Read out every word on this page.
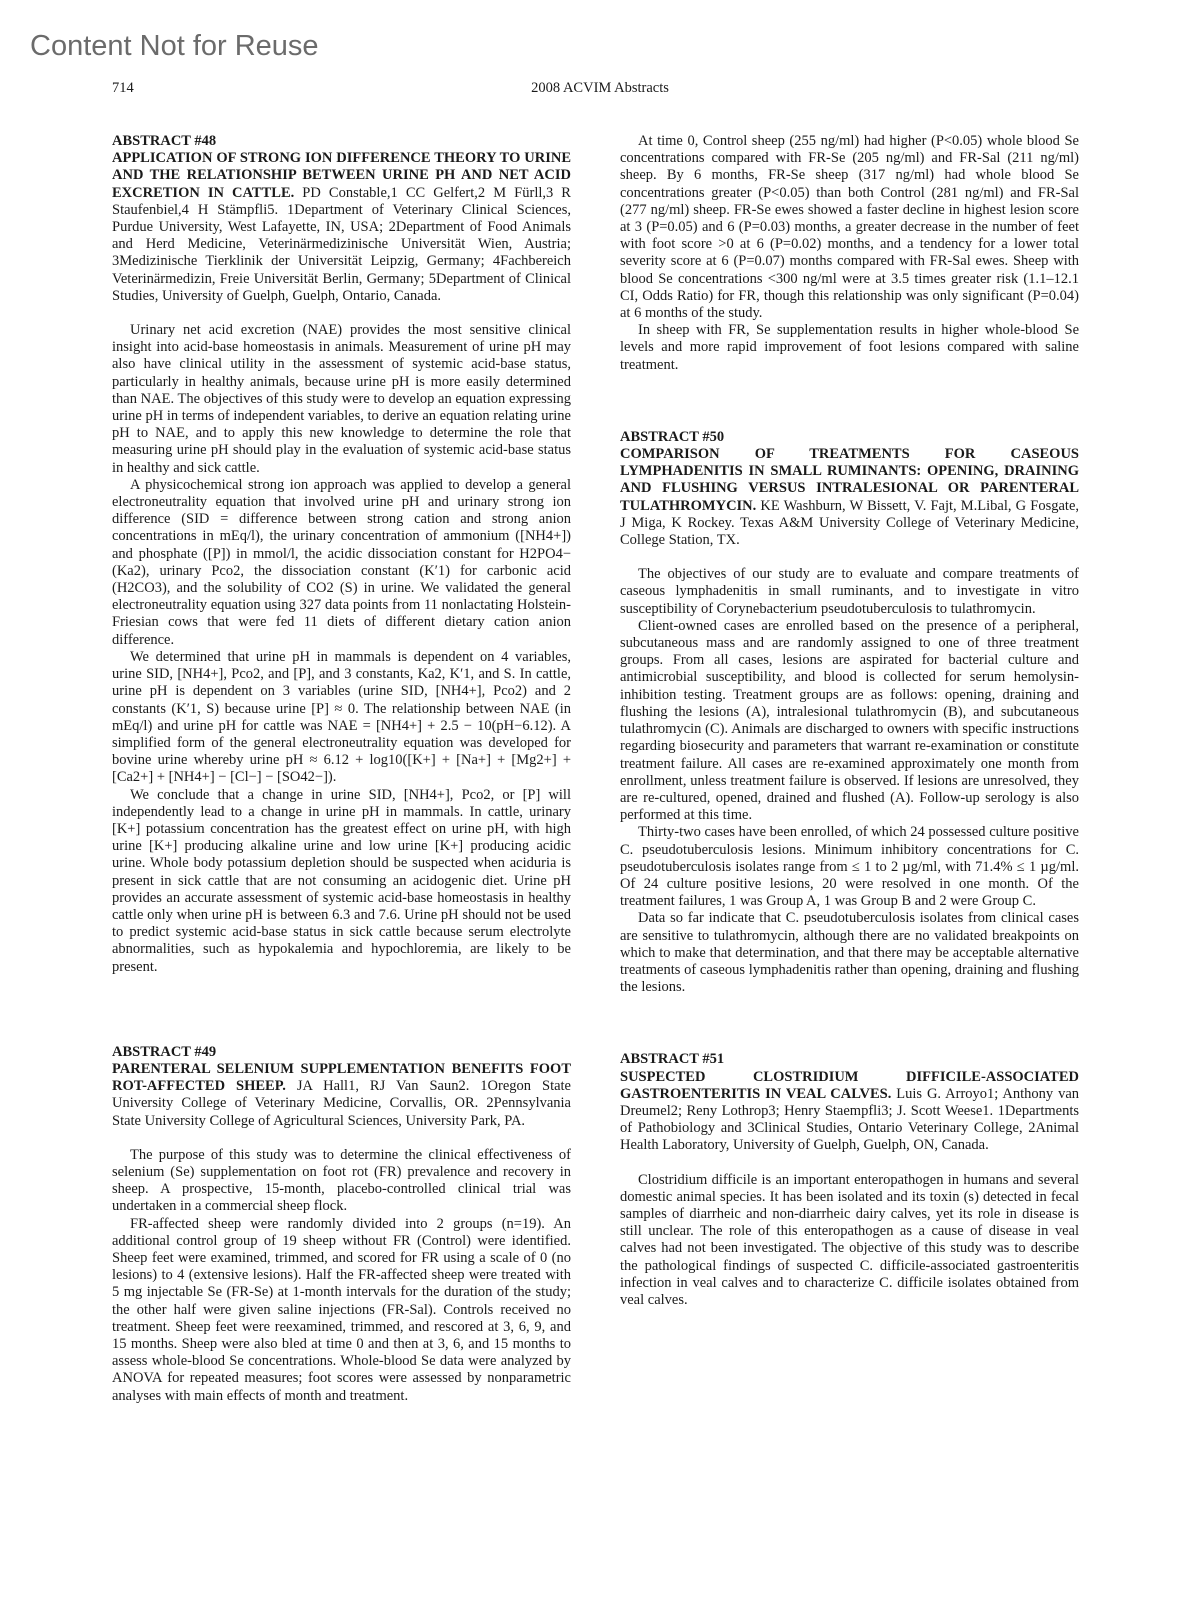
Content Not for Reuse
714	2008 ACVIM Abstracts
ABSTRACT #48
APPLICATION OF STRONG ION DIFFERENCE THEORY TO URINE AND THE RELATIONSHIP BETWEEN URINE PH AND NET ACID EXCRETION IN CATTLE. PD Constable,1 CC Gelfert,2 M Fürll,3 R Staufenbiel,4 H Stämpfli5. 1Department of Veterinary Clinical Sciences, Purdue University, West Lafayette, IN, USA; 2Department of Food Animals and Herd Medicine, Veterinärmedizinische Universität Wien, Austria; 3Medizinische Tierklinik der Universität Leipzig, Germany; 4Fachbereich Veterinärmedizin, Freie Universität Berlin, Germany; 5Department of Clinical Studies, University of Guelph, Guelph, Ontario, Canada.

Urinary net acid excretion (NAE) provides the most sensitive clinical insight into acid-base homeostasis in animals. Measurement of urine pH may also have clinical utility in the assessment of systemic acid-base status, particularly in healthy animals, because urine pH is more easily determined than NAE. The objectives of this study were to develop an equation expressing urine pH in terms of independent variables, to derive an equation relating urine pH to NAE, and to apply this new knowledge to determine the role that measuring urine pH should play in the evaluation of systemic acid-base status in healthy and sick cattle.

A physicochemical strong ion approach was applied to develop a general electroneutrality equation that involved urine pH and urinary strong ion difference (SID = difference between strong cation and strong anion concentrations in mEq/l), the urinary concentration of ammonium ([NH4+]) and phosphate ([P]) in mmol/l, the acidic dissociation constant for H2PO4− (Ka2), urinary Pco2, the dissociation constant (K′1) for carbonic acid (H2CO3), and the solubility of CO2 (S) in urine. We validated the general electroneutrality equation using 327 data points from 11 nonlactating Holstein-Friesian cows that were fed 11 diets of different dietary cation anion difference.

We determined that urine pH in mammals is dependent on 4 variables, urine SID, [NH4+], Pco2, and [P], and 3 constants, Ka2, K′1, and S. In cattle, urine pH is dependent on 3 variables (urine SID, [NH4+], Pco2) and 2 constants (K′1, S) because urine [P] ≈ 0. The relationship between NAE (in mEq/l) and urine pH for cattle was NAE = [NH4+] + 2.5 − 10(pH−6.12). A simplified form of the general electroneutrality equation was developed for bovine urine whereby urine pH ≈ 6.12 + log10([K+] + [Na+] + [Mg2+] + [Ca2+] + [NH4+] − [Cl−] − [SO42−]).

We conclude that a change in urine SID, [NH4+], Pco2, or [P] will independently lead to a change in urine pH in mammals. In cattle, urinary [K+] potassium concentration has the greatest effect on urine pH, with high urine [K+] producing alkaline urine and low urine [K+] producing acidic urine. Whole body potassium depletion should be suspected when aciduria is present in sick cattle that are not consuming an acidogenic diet. Urine pH provides an accurate assessment of systemic acid-base homeostasis in healthy cattle only when urine pH is between 6.3 and 7.6. Urine pH should not be used to predict systemic acid-base status in sick cattle because serum electrolyte abnormalities, such as hypokalemia and hypochloremia, are likely to be present.

ABSTRACT #49
PARENTERAL SELENIUM SUPPLEMENTATION BENEFITS FOOT ROT-AFFECTED SHEEP. JA Hall1, RJ Van Saun2. 1Oregon State University College of Veterinary Medicine, Corvallis, OR. 2Pennsylvania State University College of Agricultural Sciences, University Park, PA.

The purpose of this study was to determine the clinical effectiveness of selenium (Se) supplementation on foot rot (FR) prevalence and recovery in sheep. A prospective, 15-month, placebo-controlled clinical trial was undertaken in a commercial sheep flock.

FR-affected sheep were randomly divided into 2 groups (n=19). An additional control group of 19 sheep without FR (Control) were identified. Sheep feet were examined, trimmed, and scored for FR using a scale of 0 (no lesions) to 4 (extensive lesions). Half the FR-affected sheep were treated with 5 mg injectable Se (FR-Se) at 1-month intervals for the duration of the study; the other half were given saline injections (FR-Sal). Controls received no treatment. Sheep feet were reexamined, trimmed, and rescored at 3, 6, 9, and 15 months. Sheep were also bled at time 0 and then at 3, 6, and 15 months to assess whole-blood Se concentrations. Whole-blood Se data were analyzed by ANOVA for repeated measures; foot scores were assessed by nonparametric analyses with main effects of month and treatment.

At time 0, Control sheep (255 ng/ml) had higher (P<0.05) whole blood Se concentrations compared with FR-Se (205 ng/ml) and FR-Sal (211 ng/ml) sheep. By 6 months, FR-Se sheep (317 ng/ml) had whole blood Se concentrations greater (P<0.05) than both Control (281 ng/ml) and FR-Sal (277 ng/ml) sheep. FR-Se ewes showed a faster decline in highest lesion score at 3 (P=0.05) and 6 (P=0.03) months, a greater decrease in the number of feet with foot score >0 at 6 (P=0.02) months, and a tendency for a lower total severity score at 6 (P=0.07) months compared with FR-Sal ewes. Sheep with blood Se concentrations <300 ng/ml were at 3.5 times greater risk (1.1–12.1 CI, Odds Ratio) for FR, though this relationship was only significant (P=0.04) at 6 months of the study.

In sheep with FR, Se supplementation results in higher whole-blood Se levels and more rapid improvement of foot lesions compared with saline treatment.

ABSTRACT #50
COMPARISON OF TREATMENTS FOR CASEOUS LYMPHADENITIS IN SMALL RUMINANTS: OPENING, DRAINING AND FLUSHING VERSUS INTRALESIONAL OR PARENTERAL TULATHROMYCIN. KE Washburn, W Bissett, V. Fajt, M.Libal, G Fosgate, J Miga, K Rockey. Texas A&M University College of Veterinary Medicine, College Station, TX.

The objectives of our study are to evaluate and compare treatments of caseous lymphadenitis in small ruminants, and to investigate in vitro susceptibility of Corynebacterium pseudotuberculosis to tulathromycin.

Client-owned cases are enrolled based on the presence of a peripheral, subcutaneous mass and are randomly assigned to one of three treatment groups. From all cases, lesions are aspirated for bacterial culture and antimicrobial susceptibility, and blood is collected for serum hemolysin-inhibition testing. Treatment groups are as follows: opening, draining and flushing the lesions (A), intralesional tulathromycin (B), and subcutaneous tulathromycin (C). Animals are discharged to owners with specific instructions regarding biosecurity and parameters that warrant re-examination or constitute treatment failure. All cases are re-examined approximately one month from enrollment, unless treatment failure is observed. If lesions are unresolved, they are re-cultured, opened, drained and flushed (A). Follow-up serology is also performed at this time.

Thirty-two cases have been enrolled, of which 24 possessed culture positive C. pseudotuberculosis lesions. Minimum inhibitory concentrations for C. pseudotuberculosis isolates range from ≤ 1 to 2 µg/ml, with 71.4% ≤ 1 µg/ml. Of 24 culture positive lesions, 20 were resolved in one month. Of the treatment failures, 1 was Group A, 1 was Group B and 2 were Group C.

Data so far indicate that C. pseudotuberculosis isolates from clinical cases are sensitive to tulathromycin, although there are no validated breakpoints on which to make that determination, and that there may be acceptable alternative treatments of caseous lymphadenitis rather than opening, draining and flushing the lesions.

ABSTRACT #51
SUSPECTED CLOSTRIDIUM DIFFICILE-ASSOCIATED GASTROENTERITIS IN VEAL CALVES. Luis G. Arroyo1; Anthony van Dreumel2; Reny Lothrop3; Henry Staempfli3; J. Scott Weese1. 1Departments of Pathobiology and 3Clinical Studies, Ontario Veterinary College, 2Animal Health Laboratory, University of Guelph, Guelph, ON, Canada.

Clostridium difficile is an important enteropathogen in humans and several domestic animal species. It has been isolated and its toxin (s) detected in fecal samples of diarrheic and non-diarrheic dairy calves, yet its role in disease is still unclear. The role of this enteropathogen as a cause of disease in veal calves had not been investigated. The objective of this study was to describe the pathological findings of suspected C. difficile-associated gastroenteritis infection in veal calves and to characterize C. difficile isolates obtained from veal calves.
